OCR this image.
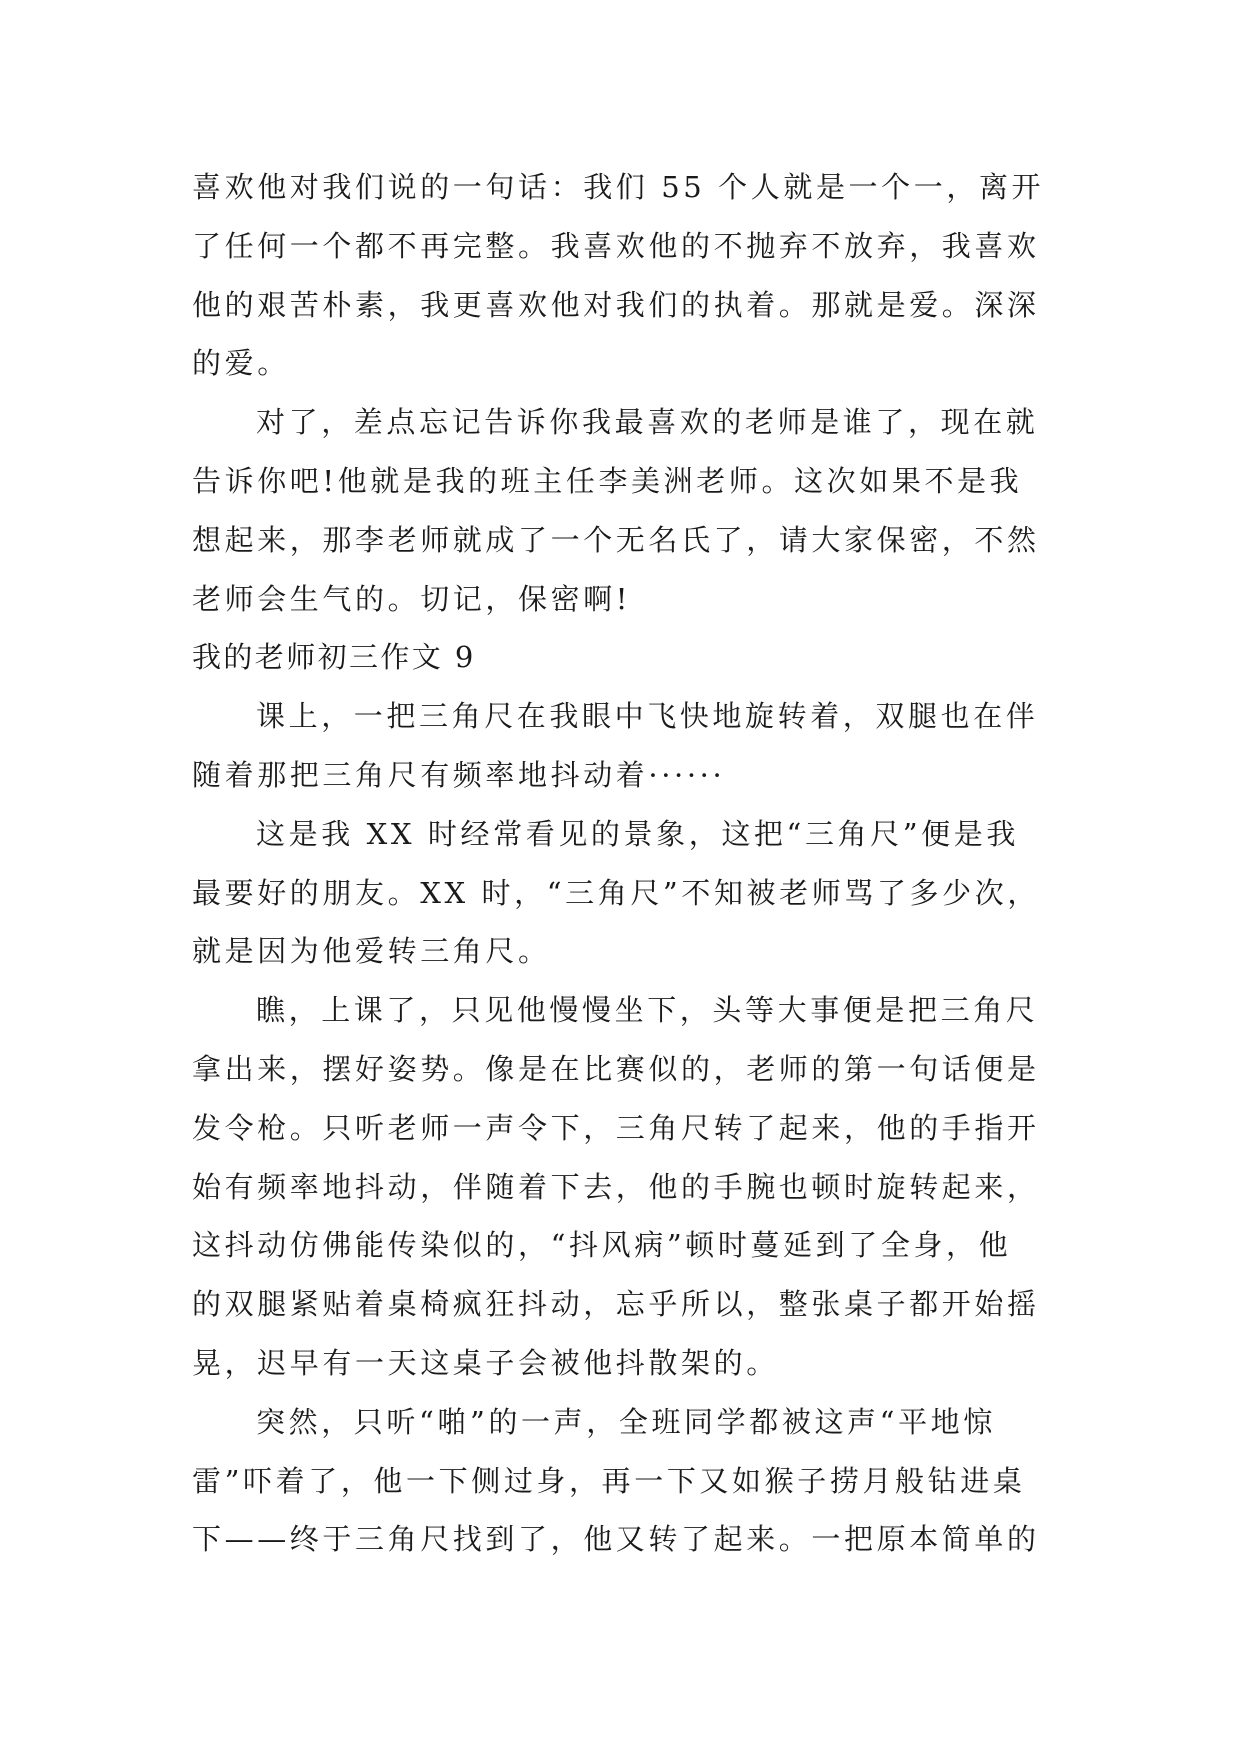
喜欢他对我们说的一句话：我们 55 个人就是一个一，离开
了任何一个都不再完整。我喜欢他的不抛弃不放弃，我喜欢
他的艰苦朴素，我更喜欢他对我们的执着。那就是爱。深深
的爱。
对了，差点忘记告诉你我最喜欢的老师是谁了，现在就
告诉你吧!他就是我的班主任李美洲老师。这次如果不是我
想起来，那李老师就成了一个无名氏了，请大家保密，不然
老师会生气的。切记，保密啊!
我的老师初三作文 9
课上，一把三角尺在我眼中飞快地旋转着，双腿也在伴
随着那把三角尺有频率地抖动着······
这是我 XX 时经常看见的景象，这把“三角尺”便是我
最要好的朋友。XX 时，“三角尺”不知被老师骂了多少次，
就是因为他爱转三角尺。
瞧，上课了，只见他慢慢坐下，头等大事便是把三角尺
拿出来，摆好姿势。像是在比赛似的，老师的第一句话便是
发令枪。只听老师一声令下，三角尺转了起来，他的手指开
始有频率地抖动，伴随着下去，他的手腕也顿时旋转起来，
这抖动仿佛能传染似的，“抖风病”顿时蔓延到了全身，他
的双腿紧贴着桌椅疯狂抖动，忘乎所以，整张桌子都开始摇
晃，迟早有一天这桌子会被他抖散架的。
突然，只听“啪”的一声，全班同学都被这声“平地惊
雷”吓着了，他一下侧过身，再一下又如猴子捞月般钻进桌
下——终于三角尺找到了，他又转了起来。一把原本简单的
